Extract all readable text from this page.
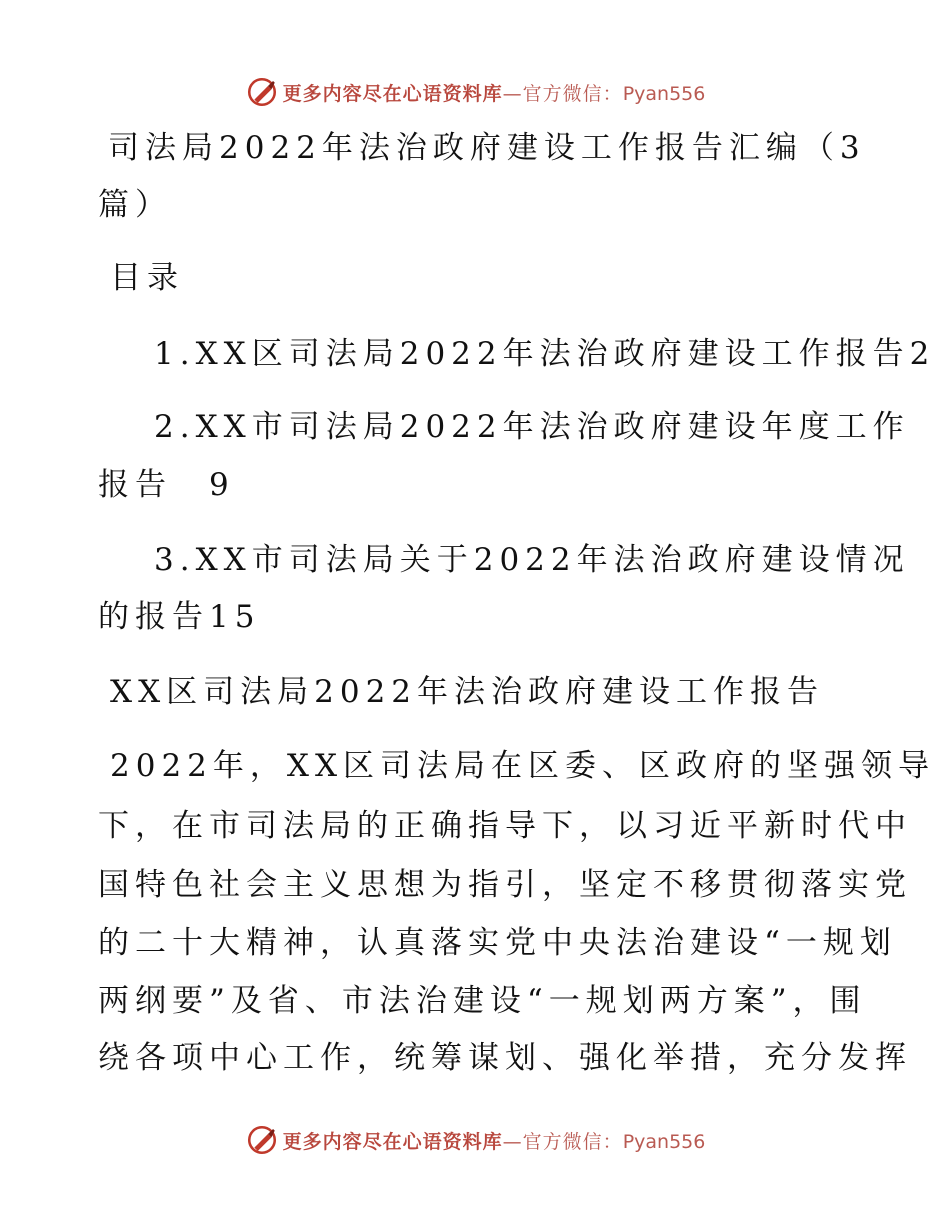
更多内容尽在心语资料库—官方微信：Pyan556
司法局2022年法治政府建设工作报告汇编（3
篇）
目录
1.XX区司法局2022年法治政府建设工作报告2
2.XX市司法局2022年法治政府建设年度工作
报告　9
3.XX市司法局关于2022年法治政府建设情况
的报告15
XX区司法局2022年法治政府建设工作报告
2022年，XX区司法局在区委、区政府的坚强领导
下，在市司法局的正确指导下，以习近平新时代中
国特色社会主义思想为指引，坚定不移贯彻落实党
的二十大精神，认真落实党中央法治建设“一规划
两纲要”及省、市法治建设“一规划两方案”，围
绕各项中心工作，统筹谋划、强化举措，充分发挥
更多内容尽在心语资料库—官方微信：Pyan556
